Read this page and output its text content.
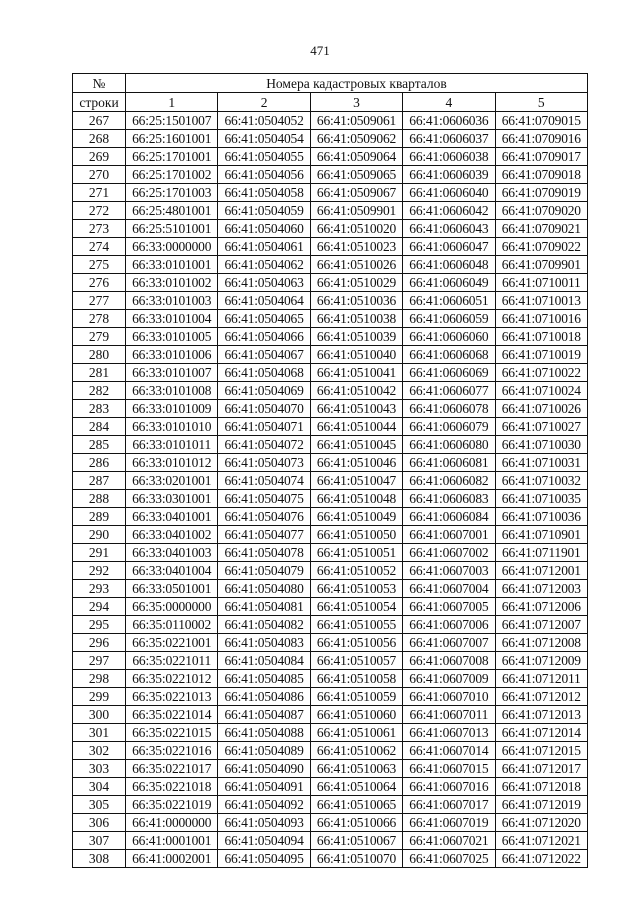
471
№	Номера кадастровых кварталов				
строки	1	2	3	4	5
267	66:25:1501007	66:41:0504052	66:41:0509061	66:41:0606036	66:41:0709015
268	66:25:1601001	66:41:0504054	66:41:0509062	66:41:0606037	66:41:0709016
269	66:25:1701001	66:41:0504055	66:41:0509064	66:41:0606038	66:41:0709017
270	66:25:1701002	66:41:0504056	66:41:0509065	66:41:0606039	66:41:0709018
271	66:25:1701003	66:41:0504058	66:41:0509067	66:41:0606040	66:41:0709019
272	66:25:4801001	66:41:0504059	66:41:0509901	66:41:0606042	66:41:0709020
273	66:25:5101001	66:41:0504060	66:41:0510020	66:41:0606043	66:41:0709021
274	66:33:0000000	66:41:0504061	66:41:0510023	66:41:0606047	66:41:0709022
275	66:33:0101001	66:41:0504062	66:41:0510026	66:41:0606048	66:41:0709901
276	66:33:0101002	66:41:0504063	66:41:0510029	66:41:0606049	66:41:0710011
277	66:33:0101003	66:41:0504064	66:41:0510036	66:41:0606051	66:41:0710013
278	66:33:0101004	66:41:0504065	66:41:0510038	66:41:0606059	66:41:0710016
279	66:33:0101005	66:41:0504066	66:41:0510039	66:41:0606060	66:41:0710018
280	66:33:0101006	66:41:0504067	66:41:0510040	66:41:0606068	66:41:0710019
281	66:33:0101007	66:41:0504068	66:41:0510041	66:41:0606069	66:41:0710022
282	66:33:0101008	66:41:0504069	66:41:0510042	66:41:0606077	66:41:0710024
283	66:33:0101009	66:41:0504070	66:41:0510043	66:41:0606078	66:41:0710026
284	66:33:0101010	66:41:0504071	66:41:0510044	66:41:0606079	66:41:0710027
285	66:33:0101011	66:41:0504072	66:41:0510045	66:41:0606080	66:41:0710030
286	66:33:0101012	66:41:0504073	66:41:0510046	66:41:0606081	66:41:0710031
287	66:33:0201001	66:41:0504074	66:41:0510047	66:41:0606082	66:41:0710032
288	66:33:0301001	66:41:0504075	66:41:0510048	66:41:0606083	66:41:0710035
289	66:33:0401001	66:41:0504076	66:41:0510049	66:41:0606084	66:41:0710036
290	66:33:0401002	66:41:0504077	66:41:0510050	66:41:0607001	66:41:0710901
291	66:33:0401003	66:41:0504078	66:41:0510051	66:41:0607002	66:41:0711901
292	66:33:0401004	66:41:0504079	66:41:0510052	66:41:0607003	66:41:0712001
293	66:33:0501001	66:41:0504080	66:41:0510053	66:41:0607004	66:41:0712003
294	66:35:0000000	66:41:0504081	66:41:0510054	66:41:0607005	66:41:0712006
295	66:35:0110002	66:41:0504082	66:41:0510055	66:41:0607006	66:41:0712007
296	66:35:0221001	66:41:0504083	66:41:0510056	66:41:0607007	66:41:0712008
297	66:35:0221011	66:41:0504084	66:41:0510057	66:41:0607008	66:41:0712009
298	66:35:0221012	66:41:0504085	66:41:0510058	66:41:0607009	66:41:0712011
299	66:35:0221013	66:41:0504086	66:41:0510059	66:41:0607010	66:41:0712012
300	66:35:0221014	66:41:0504087	66:41:0510060	66:41:0607011	66:41:0712013
301	66:35:0221015	66:41:0504088	66:41:0510061	66:41:0607013	66:41:0712014
302	66:35:0221016	66:41:0504089	66:41:0510062	66:41:0607014	66:41:0712015
303	66:35:0221017	66:41:0504090	66:41:0510063	66:41:0607015	66:41:0712017
304	66:35:0221018	66:41:0504091	66:41:0510064	66:41:0607016	66:41:0712018
305	66:35:0221019	66:41:0504092	66:41:0510065	66:41:0607017	66:41:0712019
306	66:41:0000000	66:41:0504093	66:41:0510066	66:41:0607019	66:41:0712020
307	66:41:0001001	66:41:0504094	66:41:0510067	66:41:0607021	66:41:0712021
308	66:41:0002001	66:41:0504095	66:41:0510070	66:41:0607025	66:41:0712022
